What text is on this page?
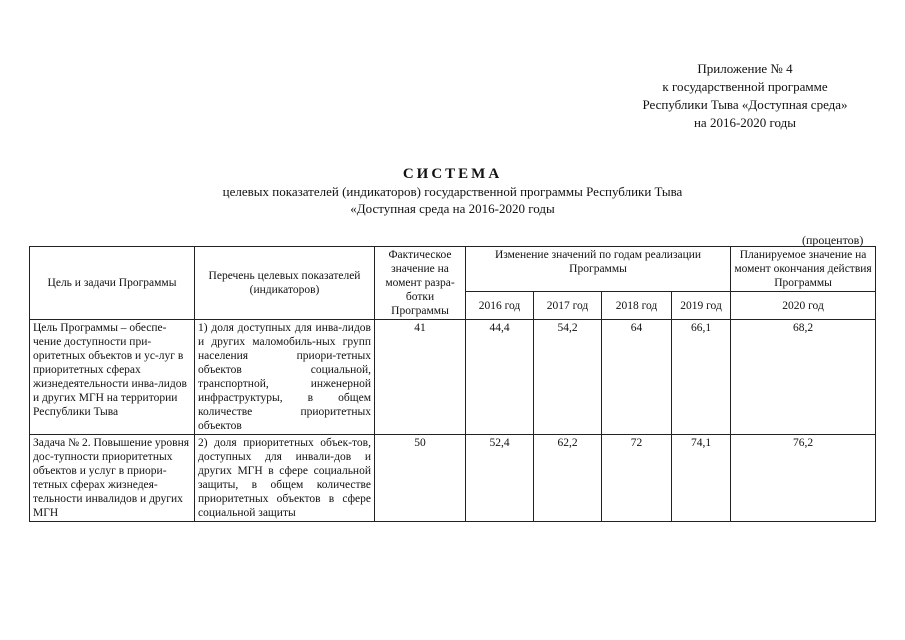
Приложение № 4
к государственной программе
Республики Тыва «Доступная среда»
на 2016-2020 годы
СИСТЕМА
целевых показателей (индикаторов) государственной программы Республики Тыва
«Доступная среда на 2016-2020 годы
(процентов)
Цель и задачи Программы	Перечень целевых показателей (индикаторов)	Фактическое значение на момент разра-ботки Программы	Изменение значений по годам реализации Программы				Планируемое значение на момент окончания действия Программы
			2016 год	2017 год	2018 год	2019 год	2020 год
Цель Программы – обеспе-чение доступности при-оритетных объектов и ус-луг в приоритетных сферах жизнедеятельности инва-лидов и других МГН на территории Республики Тыва	1) доля доступных для инва-лидов и других маломобиль-ных групп населения приори-тетных объектов социальной, транспортной, инженерной инфраструктуры, в общем количестве приоритетных объектов	41	44,4	54,2	64	66,1	68,2
Задача № 2. Повышение уровня дос-тупности приоритетных объектов и услуг в приори-тетных сферах жизнедея-тельности инвалидов и других МГН	2) доля приоритетных объек-тов, доступных для инвали-дов и других МГН в сфере социальной защиты, в общем количестве приоритетных объектов в сфере социальной защиты	50	52,4	62,2	72	74,1	76,2
